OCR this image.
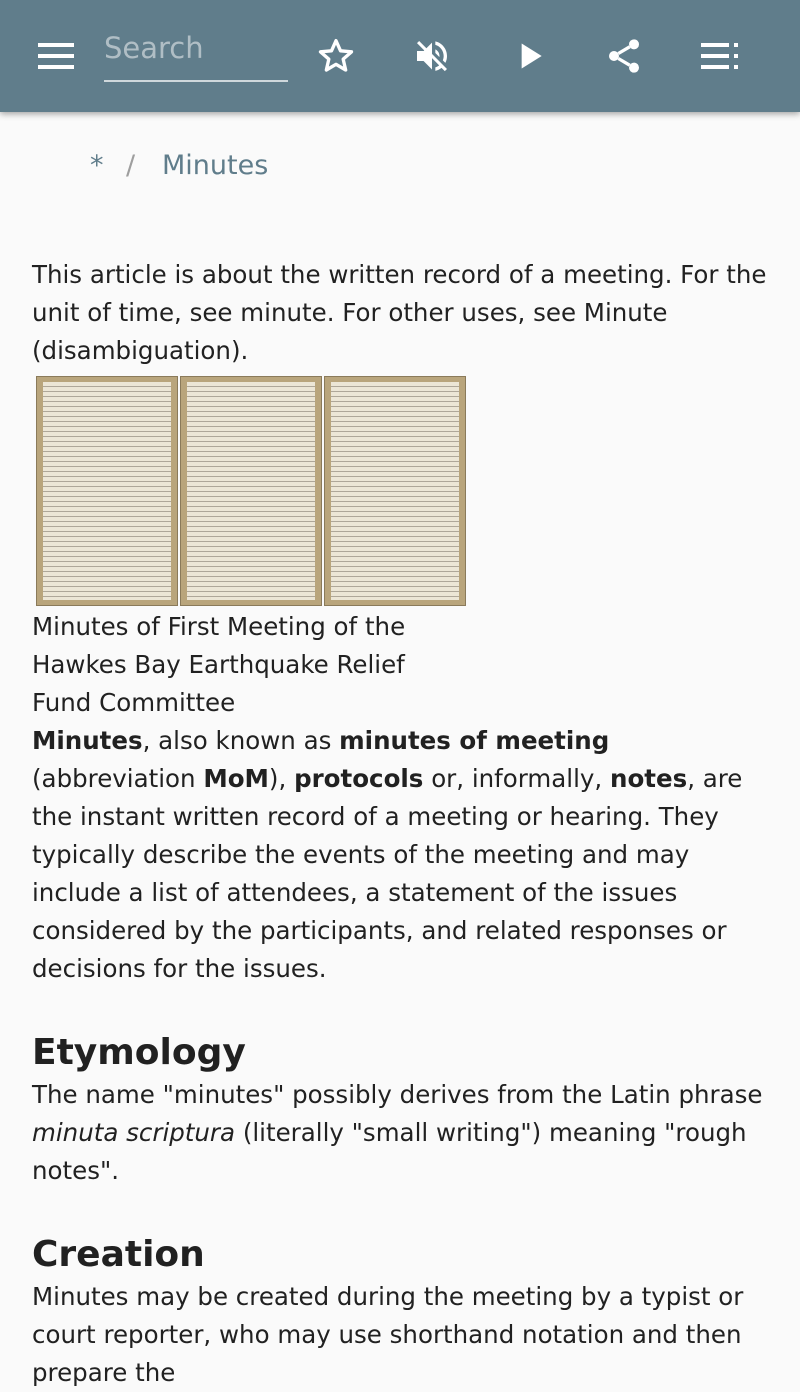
Search
* / Minutes

This article is about the written record of a meeting. For the unit of time, see minute. For other uses, see Minute (disambiguation).

Minutes of First Meeting of the Hawkes Bay Earthquake Relief Fund Committee

Minutes, also known as minutes of meeting (abbreviation MoM), protocols or, informally, notes, are the instant written record of a meeting or hearing. They typically describe the events of the meeting and may include a list of attendees, a statement of the issues considered by the participants, and related responses or decisions for the issues.

Etymology

The name "minutes" possibly derives from the Latin phrase minuta scriptura (literally "small writing") meaning "rough notes".

Creation

Minutes may be created during the meeting by a typist or court reporter, who may use shorthand notation and then prepare the
